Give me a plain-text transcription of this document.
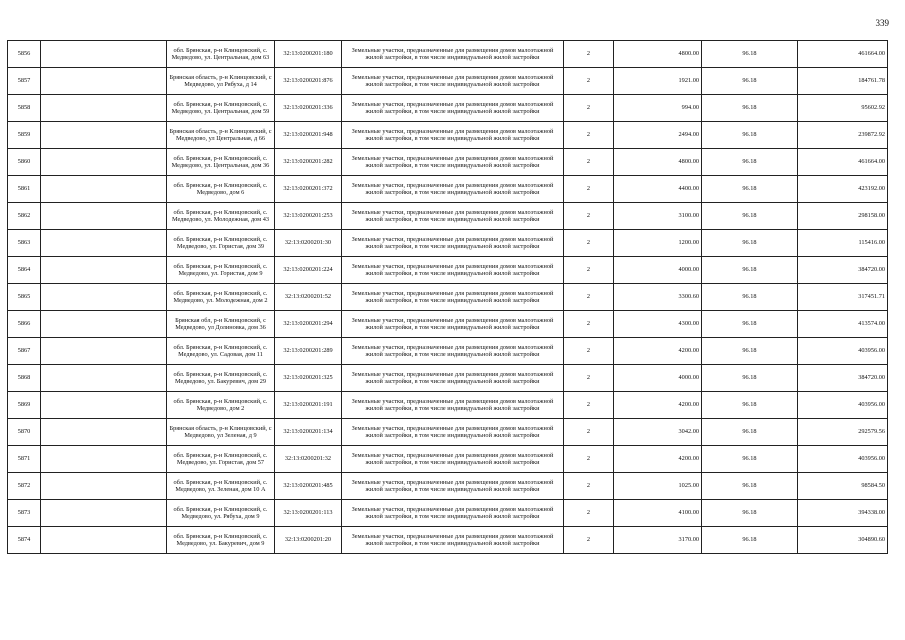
339
5856		обл. Брянская, р-н Клинцовский, с. Медведово, ул. Центральная, дом 63	32:13:0200201:180	Земельные участки, предназначенные для размещения домов малоэтажной жилой застройки, в том числе индивидуальной жилой застройки	2	4800.00	96.18	461664.00
5857		Брянская область, р-н Клинцовский, с Медведово, ул Рябуха, д 14	32:13:0200201:876	Земельные участки, предназначенные для размещения домов малоэтажной жилой застройки, в том числе индивидуальной жилой застройки	2	1921.00	96.18	184761.78
5858		обл. Брянская, р-н Клинцовский, с. Медведово, ул. Центральная, дом 59	32:13:0200201:336	Земельные участки, предназначенные для размещения домов малоэтажной жилой застройки, в том числе индивидуальной жилой застройки	2	994.00	96.18	95602.92
5859		Брянская область, р-н Клинцовский, с Медведово, ул Центральная, д 66	32:13:0200201:948	Земельные участки, предназначенные для размещения домов малоэтажной жилой застройки, в том числе индивидуальной жилой застройки	2	2494.00	96.18	239872.92
5860		обл. Брянская, р-н Клинцовский, с. Медведово, ул. Центральная, дом 36	32:13:0200201:282	Земельные участки, предназначенные для размещения домов малоэтажной жилой застройки, в том числе индивидуальной жилой застройки	2	4800.00	96.18	461664.00
5861		обл. Брянская, р-н Клинцовский, с. Медведово, дом 6	32:13:0200201:372	Земельные участки, предназначенные для размещения домов малоэтажной жилой застройки, в том числе индивидуальной жилой застройки	2	4400.00	96.18	423192.00
5862		обл. Брянская, р-н Клинцовский, с. Медведово, ул. Молодежная, дом 43	32:13:0200201:253	Земельные участки, предназначенные для размещения домов малоэтажной жилой застройки, в том числе индивидуальной жилой застройки	2	3100.00	96.18	298158.00
5863		обл. Брянская, р-н Клинцовский, с. Медведово, ул. Гористая, дом 39	32:13:0200201:30	Земельные участки, предназначенные для размещения домов малоэтажной жилой застройки, в том числе индивидуальной жилой застройки	2	1200.00	96.18	115416.00
5864		обл. Брянская, р-н Клинцовский, с. Медведово, ул. Гористая, дом 9	32:13:0200201:224	Земельные участки, предназначенные для размещения домов малоэтажной жилой застройки, в том числе индивидуальной жилой застройки	2	4000.00	96.18	384720.00
5865		обл. Брянская, р-н Клинцовский, с. Медведово, ул. Молодежная, дом 2	32:13:0200201:52	Земельные участки, предназначенные для размещения домов малоэтажной жилой застройки, в том числе индивидуальной жилой застройки	2	3300.60	96.18	317451.71
5866		Брянская обл, р-н Клинцовский, с Медведово, ул Долиновка, дом 36	32:13:0200201:294	Земельные участки, предназначенные для размещения домов малоэтажной жилой застройки, в том числе индивидуальной жилой застройки	2	4300.00	96.18	413574.00
5867		обл. Брянская, р-н Клинцовский, с. Медведово, ул. Садовая, дом 11	32:13:0200201:289	Земельные участки, предназначенные для размещения домов малоэтажной жилой застройки, в том числе индивидуальной жилой застройки	2	4200.00	96.18	403956.00
5868		обл. Брянская, р-н Клинцовский, с. Медведово, ул. Бакуревич, дом 29	32:13:0200201:325	Земельные участки, предназначенные для размещения домов малоэтажной жилой застройки, в том числе индивидуальной жилой застройки	2	4000.00	96.18	384720.00
5869		обл. Брянская, р-н Клинцовский, с. Медведово, дом 2	32:13:0200201:191	Земельные участки, предназначенные для размещения домов малоэтажной жилой застройки, в том числе индивидуальной жилой застройки	2	4200.00	96.18	403956.00
5870		Брянская область, р-н Клинцовский, с Медведово, ул Зеленая, д 9	32:13:0200201:134	Земельные участки, предназначенные для размещения домов малоэтажной жилой застройки, в том числе индивидуальной жилой застройки	2	3042.00	96.18	292579.56
5871		обл. Брянская, р-н Клинцовский, с. Медведово, ул. Гористая, дом 57	32:13:0200201:32	Земельные участки, предназначенные для размещения домов малоэтажной жилой застройки, в том числе индивидуальной жилой застройки	2	4200.00	96.18	403956.00
5872		обл. Брянская, р-н Клинцовский, с. Медведово, ул. Зеленая, дом 10 А	32:13:0200201:485	Земельные участки, предназначенные для размещения домов малоэтажной жилой застройки, в том числе индивидуальной жилой застройки	2	1025.00	96.18	98584.50
5873		обл. Брянская, р-н Клинцовский, с. Медведово, ул. Рябуха, дом 9	32:13:0200201:113	Земельные участки, предназначенные для размещения домов малоэтажной жилой застройки, в том числе индивидуальной жилой застройки	2	4100.00	96.18	394338.00
5874		обл. Брянская, р-н Клинцовский, с. Медведово, ул. Бакуревич, дом 9	32:13:0200201:20	Земельные участки, предназначенные для размещения домов малоэтажной жилой застройки, в том числе индивидуальной жилой застройки	2	3170.00	96.18	304890.60
